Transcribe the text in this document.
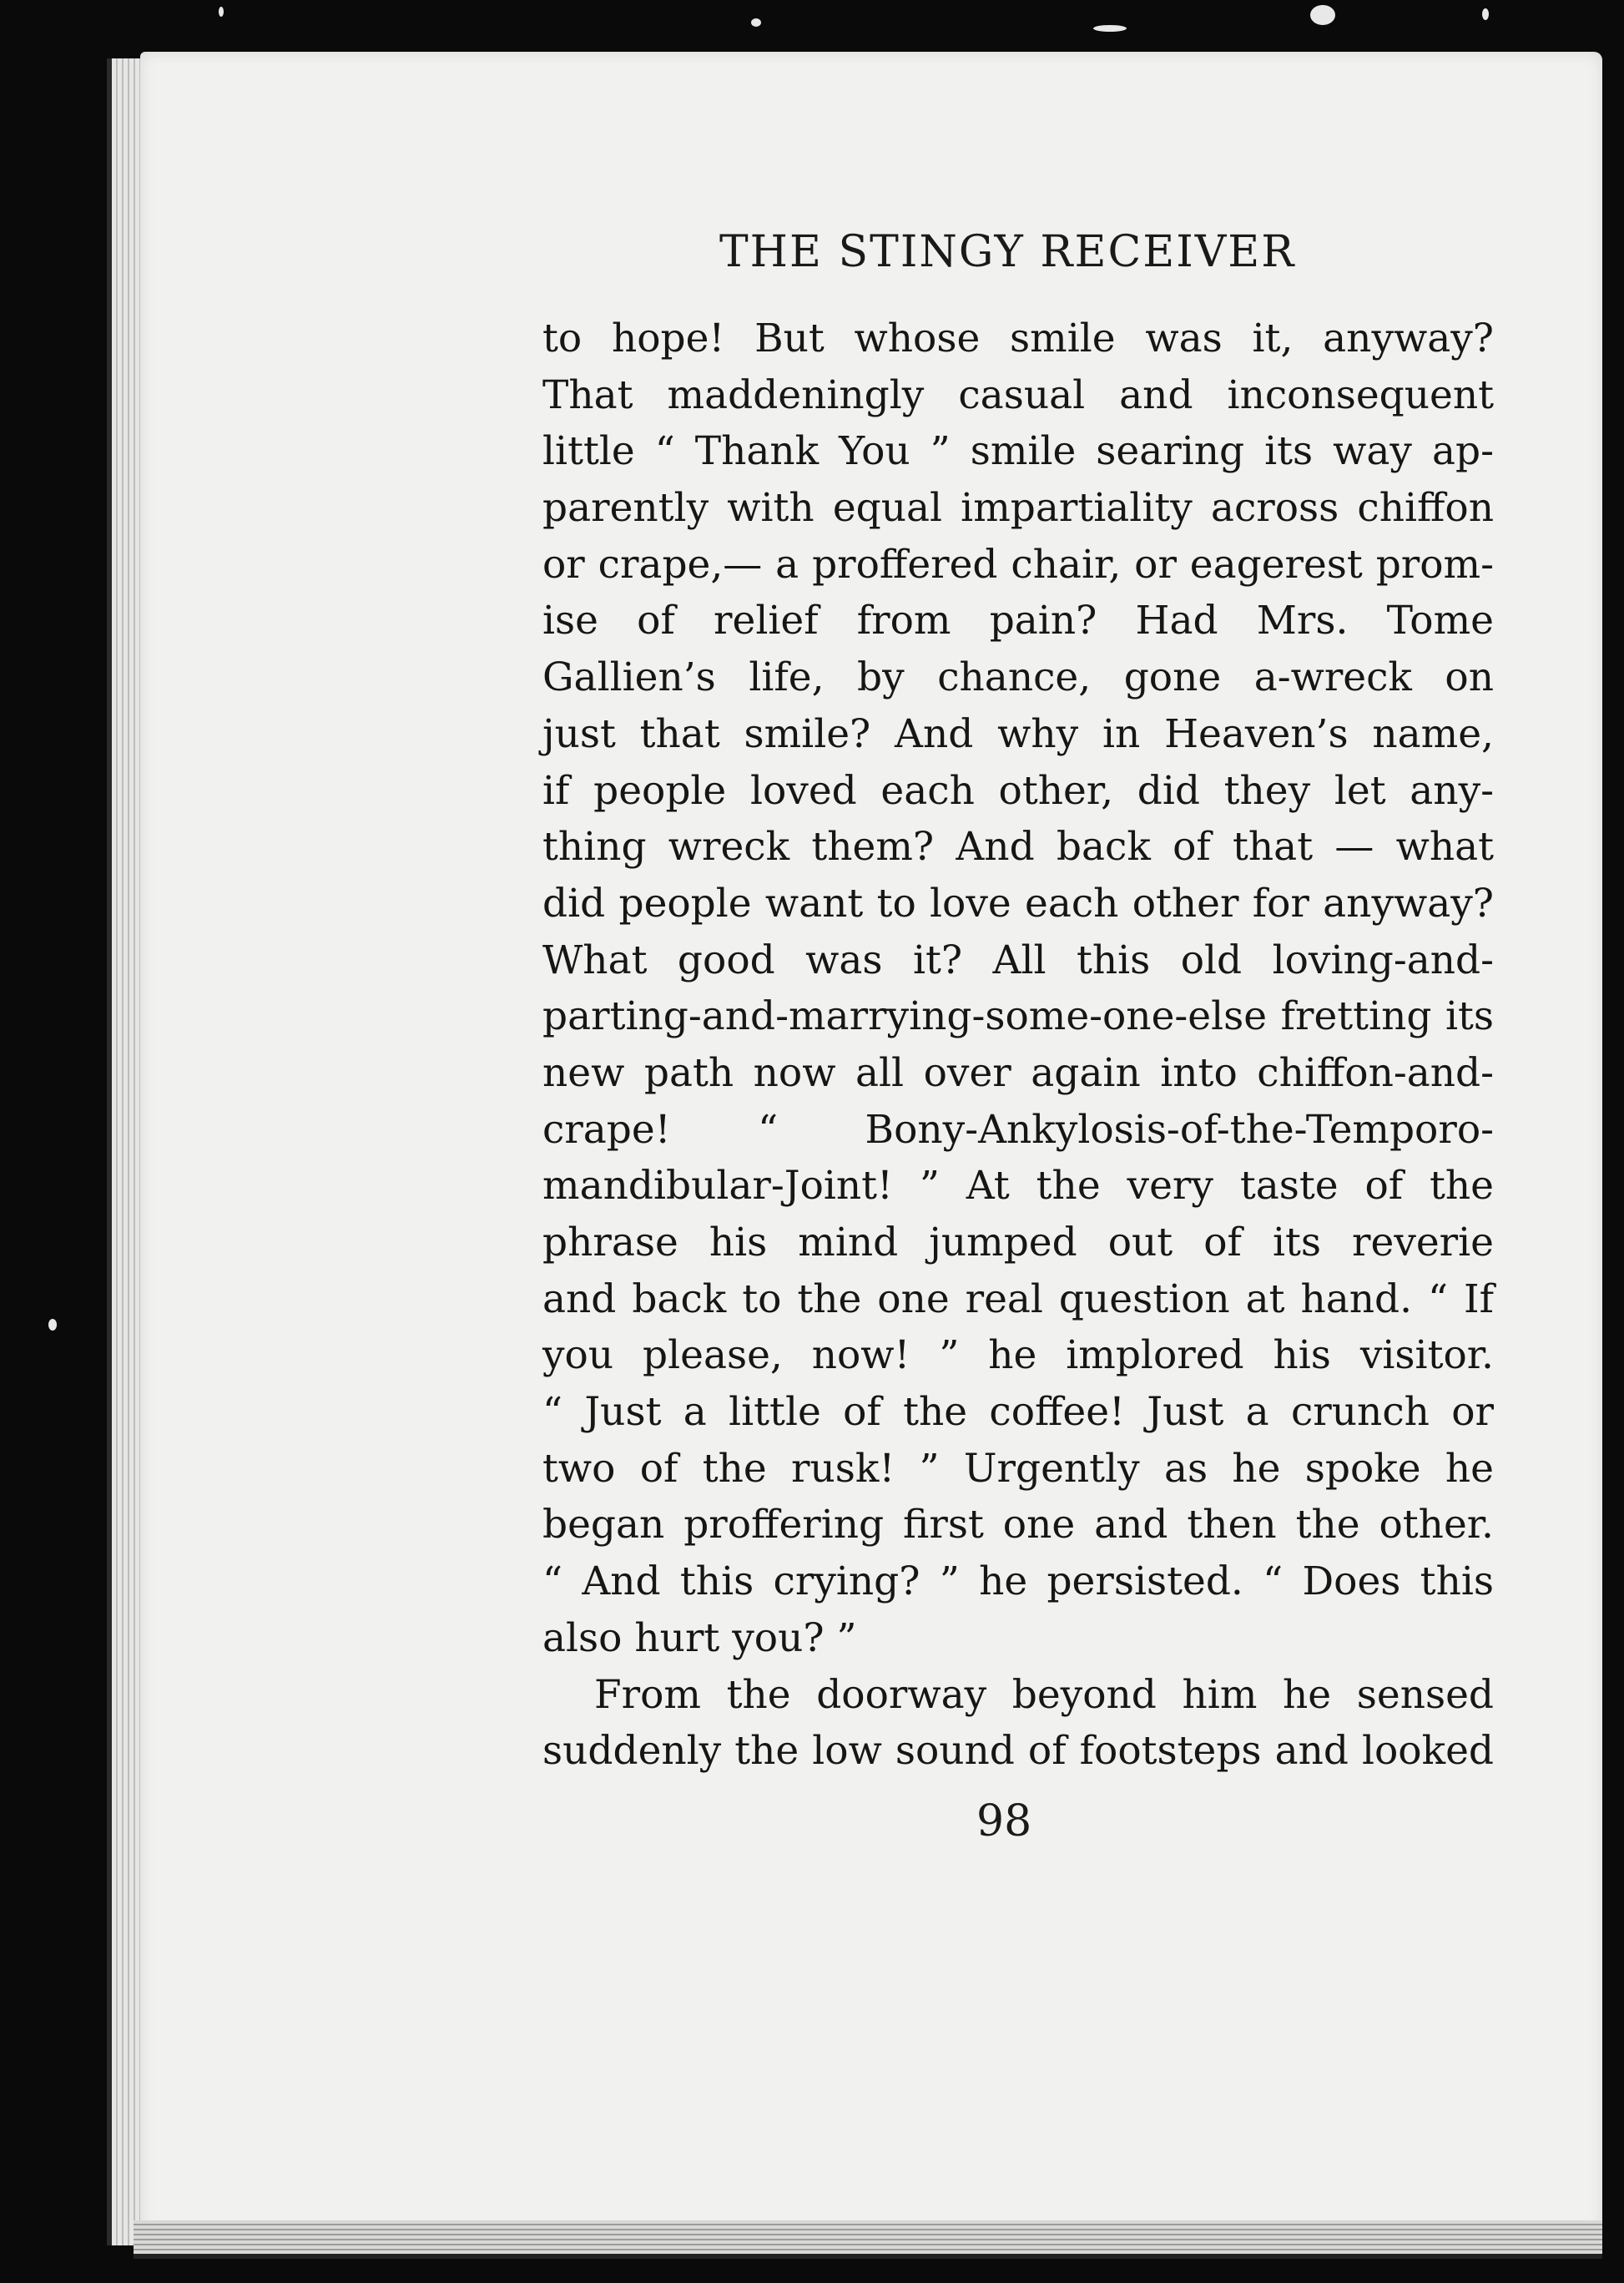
THE STINGY RECEIVER
to hope! But whose smile was it, anyway?
That maddeningly casual and inconsequent
little “ Thank You ” smile searing its way ap-
parently with equal impartiality across chiffon
or crape,— a proffered chair, or eagerest prom-
ise of relief from pain? Had Mrs. Tome
Gallien’s life, by chance, gone a-wreck on
just that smile? And why in Heaven’s name,
if people loved each other, did they let any-
thing wreck them? And back of that — what
did people want to love each other for anyway?
What good was it? All this old loving-and-
parting-and-marrying-some-one-else fretting its
new path now all over again into chiffon-and-
crape! “ Bony-Ankylosis-of-the-Temporo-
mandibular-Joint! ” At the very taste of the
phrase his mind jumped out of its reverie
and back to the one real question at hand. “ If
you please, now! ” he implored his visitor.
“ Just a little of the coffee! Just a crunch or
two of the rusk! ” Urgently as he spoke he
began proffering first one and then the other.
“ And this crying? ” he persisted. “ Does this
also hurt you? ”
From the doorway beyond him he sensed
suddenly the low sound of footsteps and looked
98
